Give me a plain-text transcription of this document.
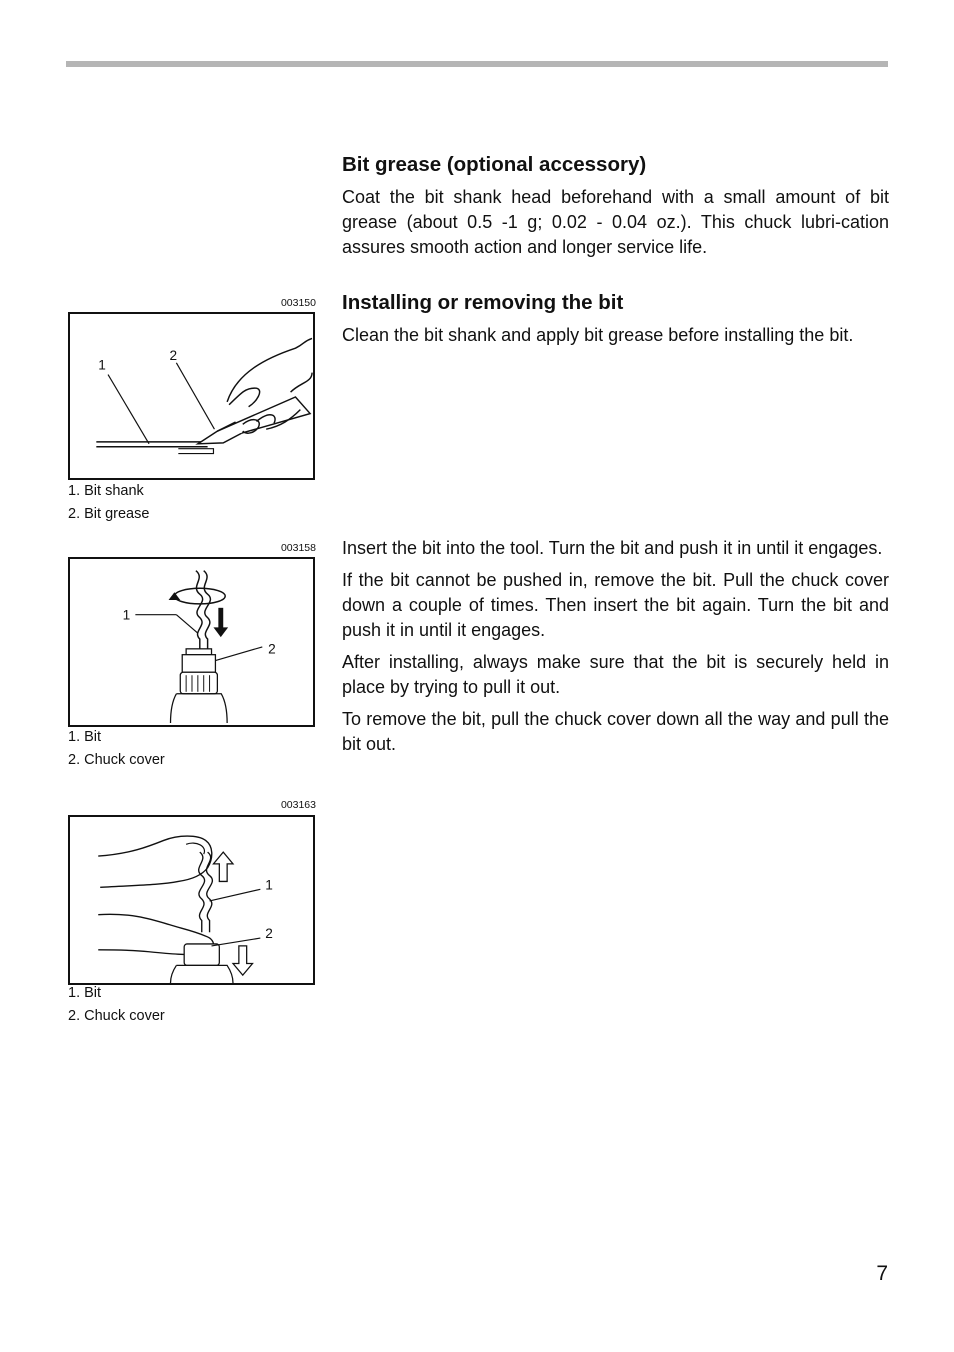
Bit grease (optional accessory)

Coat the bit shank head beforehand with a small amount of bit grease (about 0.5 -1 g; 0.02 - 0.04 oz.). This chuck lubri-cation assures smooth action and longer service life.

Installing or removing the bit

Clean the bit shank and apply bit grease before installing the bit.

Insert the bit into the tool. Turn the bit and push it in until it engages.

If the bit cannot be pushed in, remove the bit. Pull the chuck cover down a couple of times. Then insert the bit again. Turn the bit and push it in until it engages.

After installing, always make sure that the bit is securely held in place by trying to pull it out.

To remove the bit, pull the chuck cover down all the way and pull the bit out.

003150
1
2
1. Bit shank
2. Bit grease
003158
1
2
1. Bit
2. Chuck cover
003163
1
2
1. Bit
2. Chuck cover
7
